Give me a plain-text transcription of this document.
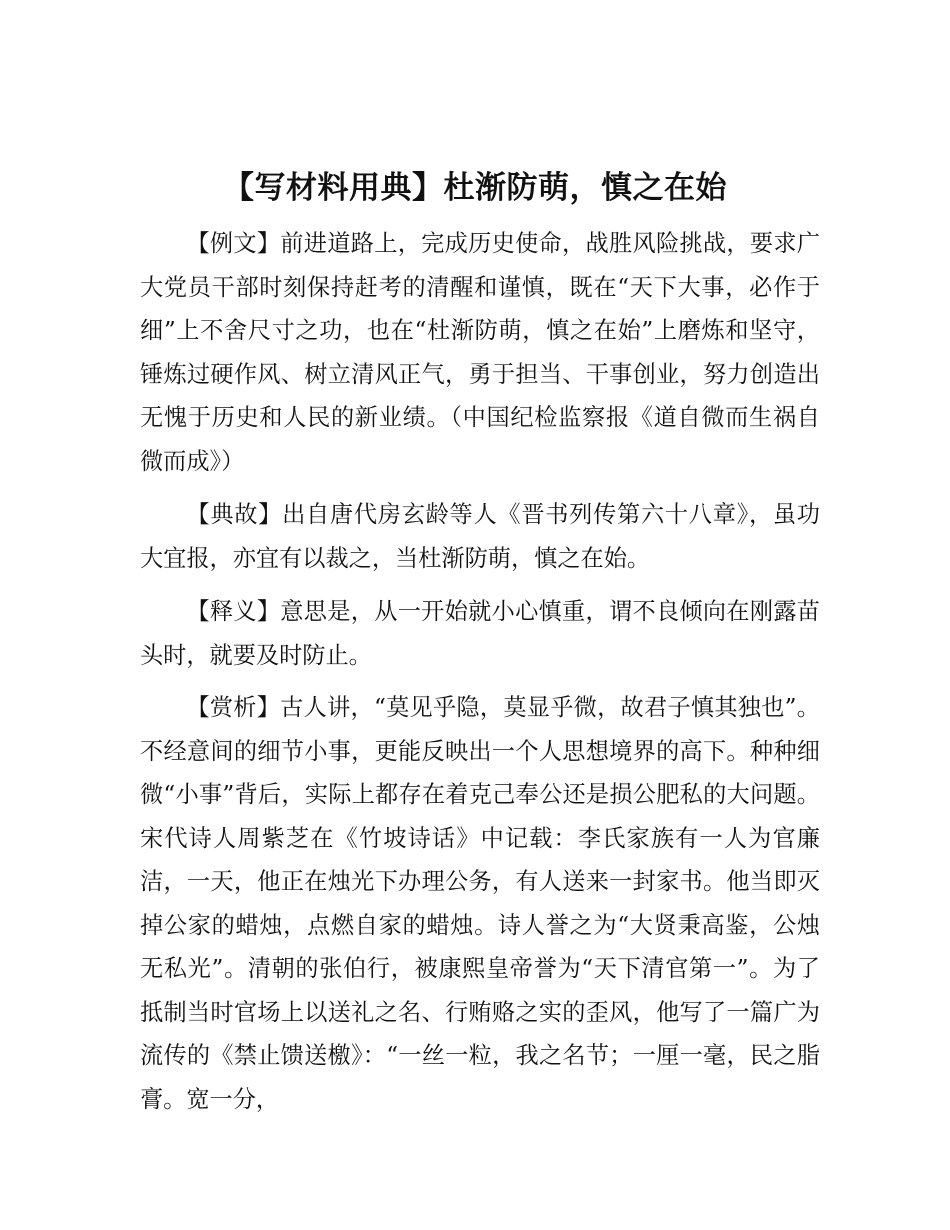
【写材料用典】杜渐防萌，慎之在始

【例文】前进道路上，完成历史使命，战胜风险挑战，要求广大党员干部时刻保持赶考的清醒和谨慎，既在“天下大事，必作于细”上不舍尺寸之功，也在“杜渐防萌，慎之在始”上磨炼和坚守，锤炼过硬作风、树立清风正气，勇于担当、干事创业，努力创造出无愧于历史和人民的新业绩。（中国纪检监察报《道自微而生祸自微而成》）

【典故】出自唐代房玄龄等人《晋书列传第六十八章》，虽功大宜报，亦宜有以裁之，当杜渐防萌，慎之在始。

【释义】意思是，从一开始就小心慎重，谓不良倾向在刚露苗头时，就要及时防止。

【赏析】古人讲，“莫见乎隐，莫显乎微，故君子慎其独也”。不经意间的细节小事，更能反映出一个人思想境界的高下。种种细微“小事”背后，实际上都存在着克己奉公还是损公肥私的大问题。宋代诗人周紫芝在《竹坡诗话》中记载：李氏家族有一人为官廉洁，一天，他正在烛光下办理公务，有人送来一封家书。他当即灭掉公家的蜡烛，点燃自家的蜡烛。诗人誉之为“大贤秉高鉴，公烛无私光”。清朝的张伯行，被康熙皇帝誉为“天下清官第一”。为了抵制当时官场上以送礼之名、行贿赂之实的歪风，他写了一篇广为流传的《禁止馈送檄》：“一丝一粒，我之名节；一厘一毫，民之脂膏。宽一分，
